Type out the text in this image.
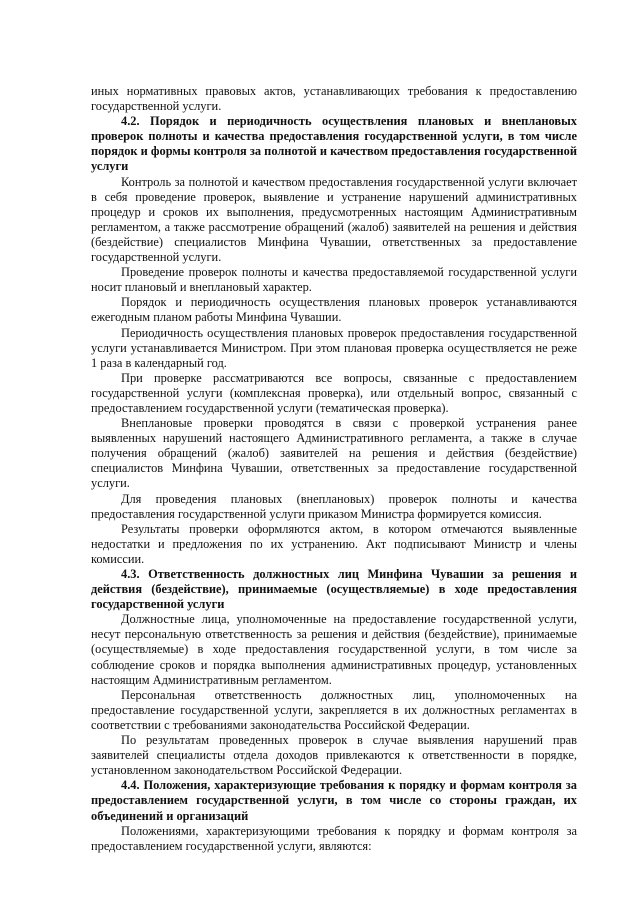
иных нормативных правовых актов, устанавливающих требования к предоставлению государственной услуги.

4.2. Порядок и периодичность осуществления плановых и внеплановых проверок полноты и качества предоставления государственной услуги, в том числе порядок и формы контроля за полнотой и качеством предоставления государственной услуги

Контроль за полнотой и качеством предоставления государственной услуги включает в себя проведение проверок, выявление и устранение нарушений административных процедур и сроков их выполнения, предусмотренных настоящим Административным регламентом, а также рассмотрение обращений (жалоб) заявителей на решения и действия (бездействие) специалистов Минфина Чувашии, ответственных за предоставление государственной услуги.

Проведение проверок полноты и качества предоставляемой государственной услуги носит плановый и внеплановый характер.

Порядок и периодичность осуществления плановых проверок устанавливаются ежегодным планом работы Минфина Чувашии.

Периодичность осуществления плановых проверок предоставления государственной услуги устанавливается Министром. При этом плановая проверка осуществляется не реже 1 раза в календарный год.

При проверке рассматриваются все вопросы, связанные с предоставлением государственной услуги (комплексная проверка), или отдельный вопрос, связанный с предоставлением государственной услуги (тематическая проверка).

Внеплановые проверки проводятся в связи с проверкой устранения ранее выявленных нарушений настоящего Административного регламента, а также в случае получения обращений (жалоб) заявителей на решения и действия (бездействие) специалистов Минфина Чувашии, ответственных за предоставление государственной услуги.

Для проведения плановых (внеплановых) проверок полноты и качества предоставления государственной услуги приказом Министра формируется комиссия.

Результаты проверки оформляются актом, в котором отмечаются выявленные недостатки и предложения по их устранению. Акт подписывают Министр и члены комиссии.

4.3. Ответственность должностных лиц Минфина Чувашии за решения и действия (бездействие), принимаемые (осуществляемые) в ходе предоставления государственной услуги

Должностные лица, уполномоченные на предоставление государственной услуги, несут персональную ответственность за решения и действия (бездействие), принимаемые (осуществляемые) в ходе предоставления государственной услуги, в том числе за соблюдение сроков и порядка выполнения административных процедур, установленных настоящим Административным регламентом.

Персональная ответственность должностных лиц, уполномоченных на предоставление государственной услуги, закрепляется в их должностных регламентах в соответствии с требованиями законодательства Российской Федерации.

По результатам проведенных проверок в случае выявления нарушений прав заявителей специалисты отдела доходов привлекаются к ответственности в порядке, установленном законодательством Российской Федерации.

4.4. Положения, характеризующие требования к порядку и формам контроля за предоставлением государственной услуги, в том числе со стороны граждан, их объединений и организаций

Положениями, характеризующими требования к порядку и формам контроля за предоставлением государственной услуги, являются:
